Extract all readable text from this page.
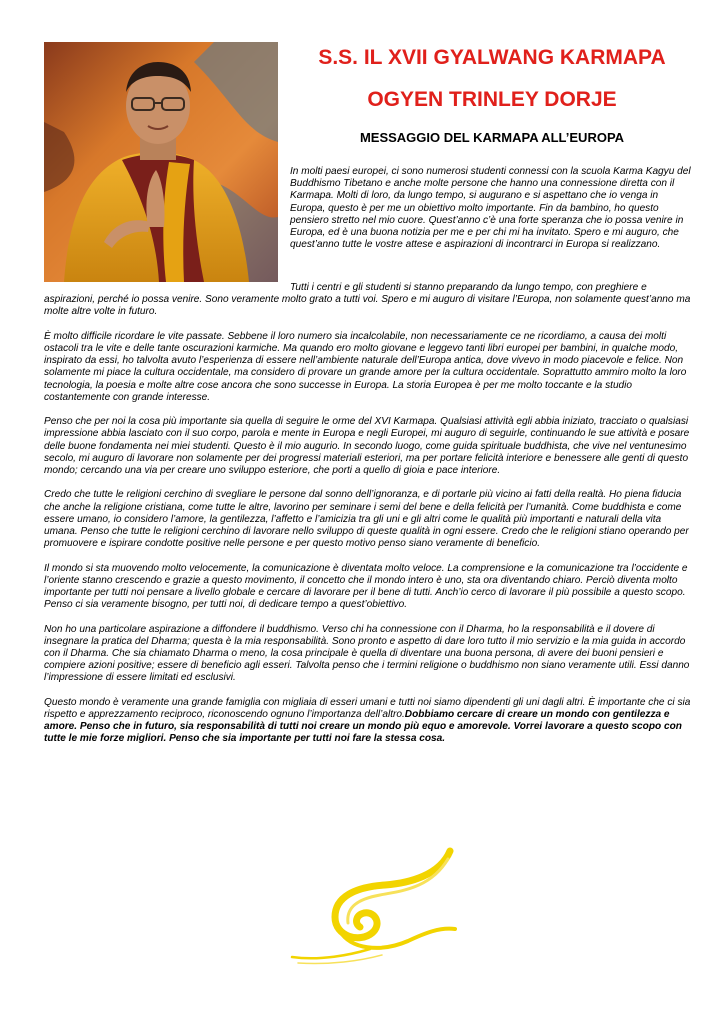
S.S. IL XVII GYALWANG KARMAPA
OGYEN TRINLEY DORJE
MESSAGGIO DEL KARMAPA ALL’EUROPA

In molti paesi europei, ci sono numerosi studenti connessi con la scuola Karma Kagyu del Buddhismo Tibetano e anche molte persone che hanno una connessione diretta con il Karmapa. Molti di loro, da lungo tempo, si augurano e si aspettano che io venga in Europa, questo è per me un obiettivo molto importante. Fin da bambino, ho questo pensiero stretto nel mio cuore. Quest’anno c’è una forte speranza che io possa venire in Europa, ed è una buona notizia per me e per chi mi ha invitato. Spero e mi auguro, che quest’anno tutte le vostre attese e aspirazioni di incontrarci in Europa si realizzano.

Tutti i centri e gli studenti si stanno preparando da lungo tempo, con preghiere e aspirazioni, perché io possa venire. Sono veramente molto grato a tutti voi. Spero e mi auguro di visitare l’Europa, non solamente quest’anno ma molte altre volte in futuro.

È molto difficile ricordare le vite passate. Sebbene il loro numero sia incalcolabile, non necessariamente ce ne ricordiamo, a causa dei molti ostacoli tra le vite e delle tante oscurazioni karmiche. Ma quando ero molto giovane e leggevo tanti libri europei per bambini, in qualche modo, inspirato da essi, ho talvolta avuto l’esperienza di essere nell’ambiente naturale dell’Europa antica, dove vivevo in modo piacevole e felice. Non solamente mi piace la cultura occidentale, ma considero di provare un grande amore per la cultura occidentale. Soprattutto ammiro molto la loro tecnologia, la poesia e molte altre cose ancora che sono successe in Europa. La storia Europea è per me molto toccante e la studio costantemente con grande interesse.

Penso che per noi la cosa più importante sia quella di seguire le orme del XVI Karmapa. Qualsiasi attività egli abbia iniziato, tracciato o qualsiasi impressione abbia lasciato con il suo corpo, parola e mente in Europa e negli Europei, mi auguro di seguirle, continuando le sue attività e posare delle buone fondamenta nei miei studenti. Questo è il mio augurio. In secondo luogo, come guida spirituale buddhista, che vive nel ventunesimo secolo, mi auguro di lavorare non solamente per dei progressi materiali esteriori, ma per portare felicità interiore e benessere alle genti di questo mondo; cercando una via per creare uno sviluppo esteriore, che porti a quello di gioia e pace interiore.

Credo che tutte le religioni cerchino di svegliare le persone dal sonno dell’ignoranza, e di portarle più vicino ai fatti della realtà. Ho piena fiducia che anche la religione cristiana, come tutte le altre, lavorino per seminare i semi del bene e della felicità per l’umanità. Come buddhista e come essere umano, io considero l’amore, la gentilezza, l’affetto e l’amicizia tra gli uni e gli altri come le qualità più importanti e naturali della vita umana. Penso che tutte le religioni cerchino di lavorare nello sviluppo di queste qualità in ogni essere. Credo che le religioni stiano operando per promuovere e ispirare condotte positive nelle persone e per questo motivo penso siano veramente di beneficio.

Il mondo si sta muovendo molto velocemente, la comunicazione è diventata molto veloce. La comprensione e la comunicazione tra l’occidente e l’oriente stanno crescendo e grazie a questo movimento, il concetto che il mondo intero è uno, sta ora diventando chiaro. Perciò diventa molto importante per tutti noi pensare a livello globale e cercare di lavorare per il bene di tutti. Anch’io cerco di lavorare il più possibile a questo scopo. Penso ci sia veramente bisogno, per tutti noi, di dedicare tempo a quest’obiettivo.

Non ho una particolare aspirazione a diffondere il buddhismo. Verso chi ha connessione con il Dharma, ho la responsabilità e il dovere di insegnare la pratica del Dharma; questa è la mia responsabilità. Sono pronto e aspetto di dare loro tutto il mio servizio e la mia guida in accordo con il Dharma. Che sia chiamato Dharma o meno, la cosa principale è quella di diventare una buona persona, di avere dei buoni pensieri e compiere azioni positive; essere di beneficio agli esseri. Talvolta penso che i termini religione o buddhismo non siano veramente utili. Essi danno l’impressione di essere limitati ed esclusivi.

Questo mondo è veramente una grande famiglia con migliaia di esseri umani e tutti noi siamo dipendenti gli uni dagli altri. È importante che ci sia rispetto e apprezzamento reciproco, riconoscendo ognuno l’importanza dell’altro.Dobbiamo cercare di creare un mondo con gentilezza e amore. Penso che in futuro, sia responsabilità di tutti noi creare un mondo più equo e amorevole. Vorrei lavorare a questo scopo con tutte le mie forze migliori. Penso che sia importante per tutti noi fare la stessa cosa.
